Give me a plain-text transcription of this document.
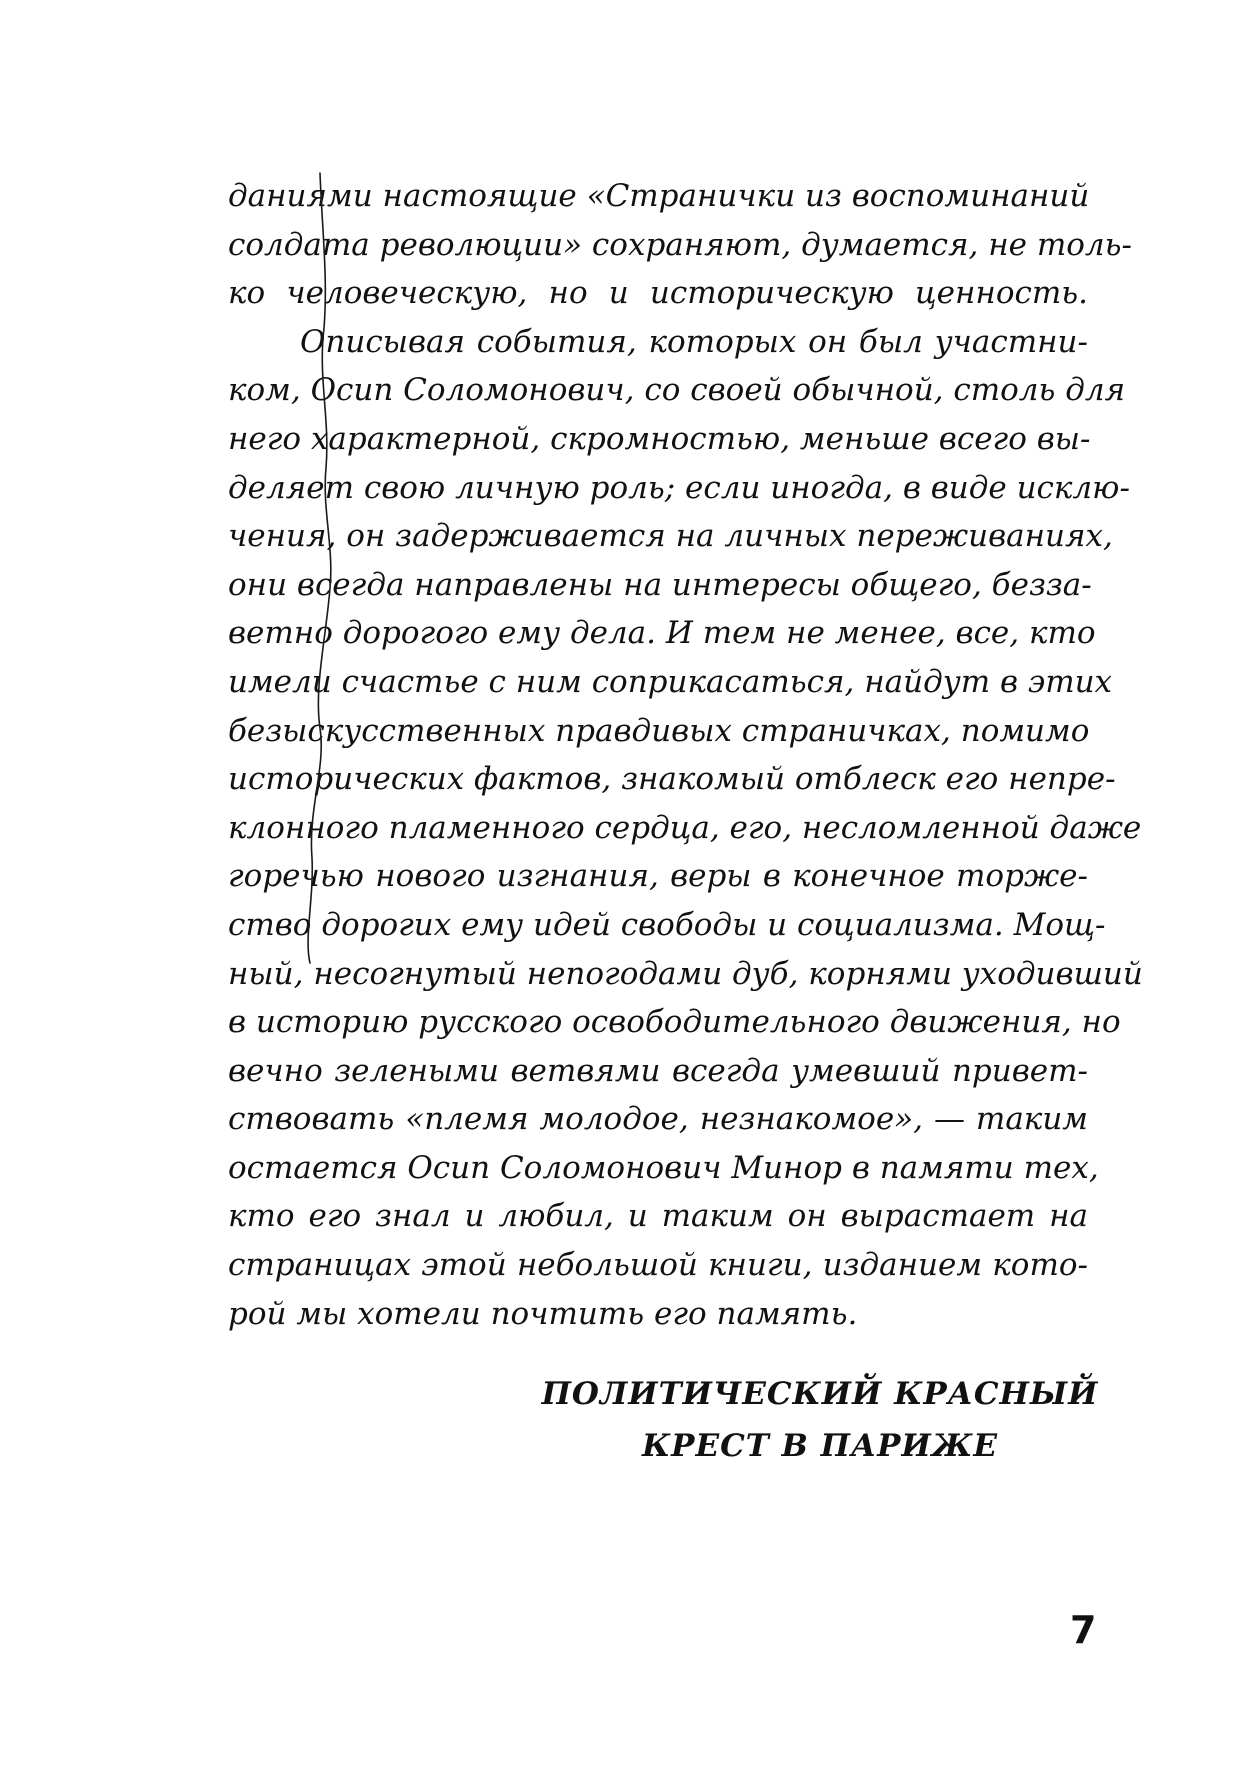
даниями настоящие «Странички из воспоминаний
солдата революции» сохраняют, думается, не толь-
ко человеческую, но и историческую ценность.
Описывая события, которых он был участни-
ком, Осип Соломонович, со своей обычной, столь для
него характерной, скромностью, меньше всего вы-
деляет свою личную роль; если иногда, в виде исклю-
чения, он задерживается на личных переживаниях,
они всегда направлены на интересы общего, безза-
ветно дорогого ему дела. И тем не менее, все, кто
имели счастье с ним соприкасаться, найдут в этих
безыскусственных правдивых страничках, помимо
исторических фактов, знакомый отблеск его непре-
клонного пламенного сердца, его, несломленной даже
горечью нового изгнания, веры в конечное торже-
ство дорогих ему идей свободы и социализма. Мощ-
ный, несогнутый непогодами дуб, корнями уходивший
в историю русского освободительного движения, но
вечно зелеными ветвями всегда умевший привет-
ствовать «племя молодое, незнакомое», — таким
остается Осип Соломонович Минор в памяти тех,
кто его знал и любил, и таким он вырастает на
страницах этой небольшой книги, изданием кото-
рой мы хотели почтить его память.
ПОЛИТИЧЕСКИЙ КРАСНЫЙ
КРЕСТ В ПАРИЖЕ
7
